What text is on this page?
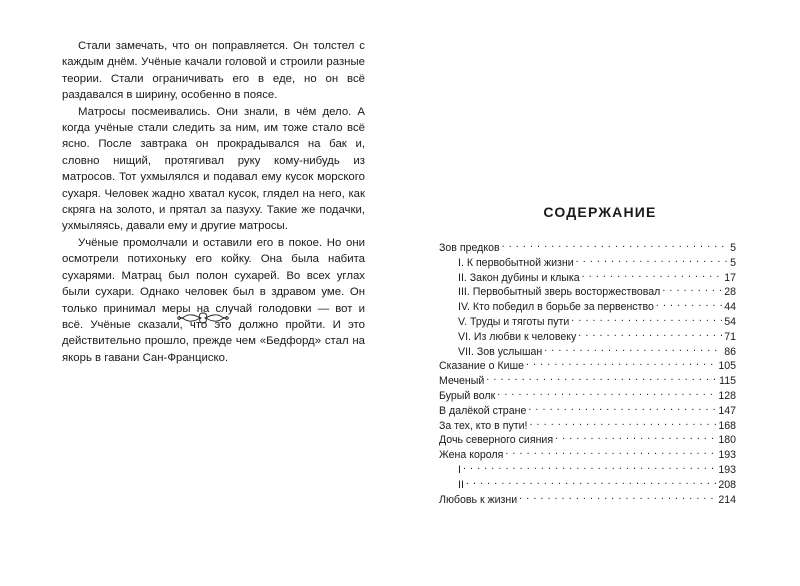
Стали замечать, что он поправляется. Он толстел с каждым днём. Учёные качали головой и строили разные теории. Стали ограничивать его в еде, но он всё раздавался в ширину, особенно в поясе.

Матросы посмеивались. Они знали, в чём дело. А когда учёные стали следить за ним, им тоже стало всё ясно. После завтрака он прокрадывался на бак и, словно нищий, протягивал руку кому-нибудь из матросов. Тот ухмылялся и подавал ему кусок морского сухаря. Человек жадно хватал кусок, глядел на него, как скряга на золото, и прятал за пазуху. Такие же подачки, ухмыляясь, давали ему и другие матросы.

Учёные промолчали и оставили его в покое. Но они осмотрели потихоньку его койку. Она была набита сухарями. Матрац был полон сухарей. Во всех углах были сухари. Однако человек был в здравом уме. Он только принимал меры на случай голодовки — вот и всё. Учёные сказали, что это должно пройти. И это действительно прошло, прежде чем «Бедфорд» стал на якорь в гавани Сан-Франциско.

СОДЕРЖАНИЕ
Зов предков . . .	5
I. К первобытной жизни . . .	5
II. Закон дубины и клыка . . .	17
III. Первобытный зверь восторжествовал . . .	28
IV. Кто победил в борьбе за первенство . . .	44
V. Труды и тяготы пути . . .	54
VI. Из любви к человеку . . .	71
VII. Зов услышан . . .	86
Сказание о Кише . . .	105
Меченый . . .	115
Бурый волк . . .	128
В далёкой стране . . .	147
За тех, кто в пути! . . .	168
Дочь северного сияния . . .	180
Жена короля . . .	193
I . . .	193
II . . .	208
Любовь к жизни . . .	214
